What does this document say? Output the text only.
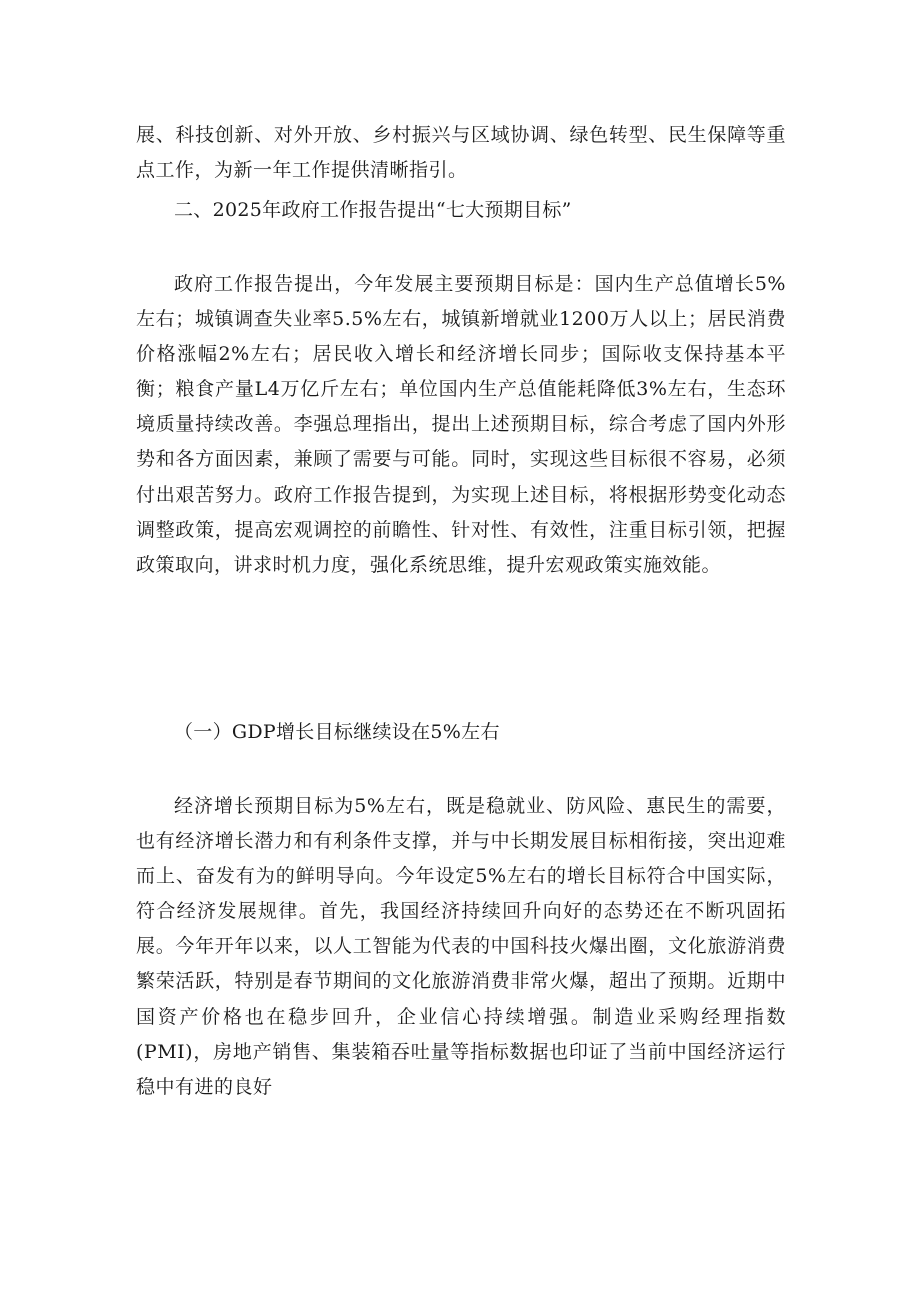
展、科技创新、对外开放、乡村振兴与区域协调、绿色转型、民生保障等重点工作，为新一年工作提供清晰指引。

二、2025年政府工作报告提出“七大预期目标”

政府工作报告提出，今年发展主要预期目标是：国内生产总值增长5%左右；城镇调查失业率5.5%左右，城镇新增就业1200万人以上；居民消费价格涨幅2%左右；居民收入增长和经济增长同步；国际收支保持基本平衡；粮食产量L4万亿斤左右；单位国内生产总值能耗降低3%左右，生态环境质量持续改善。李强总理指出，提出上述预期目标，综合考虑了国内外形势和各方面因素，兼顾了需要与可能。同时，实现这些目标很不容易，必须付出艰苦努力。政府工作报告提到，为实现上述目标，将根据形势变化动态调整政策，提高宏观调控的前瞻性、针对性、有效性，注重目标引领，把握政策取向，讲求时机力度，强化系统思维，提升宏观政策实施效能。

（一）GDP增长目标继续设在5%左右

经济增长预期目标为5%左右，既是稳就业、防风险、惠民生的需要，也有经济增长潜力和有利条件支撑，并与中长期发展目标相衔接，突出迎难而上、奋发有为的鲜明导向。今年设定5%左右的增长目标符合中国实际，符合经济发展规律。首先，我国经济持续回升向好的态势还在不断巩固拓展。今年开年以来，以人工智能为代表的中国科技火爆出圈，文化旅游消费繁荣活跃，特别是春节期间的文化旅游消费非常火爆，超出了预期。近期中国资产价格也在稳步回升，企业信心持续增强。制造业采购经理指数(PMI)，房地产销售、集装箱吞吐量等指标数据也印证了当前中国经济运行稳中有进的良好
